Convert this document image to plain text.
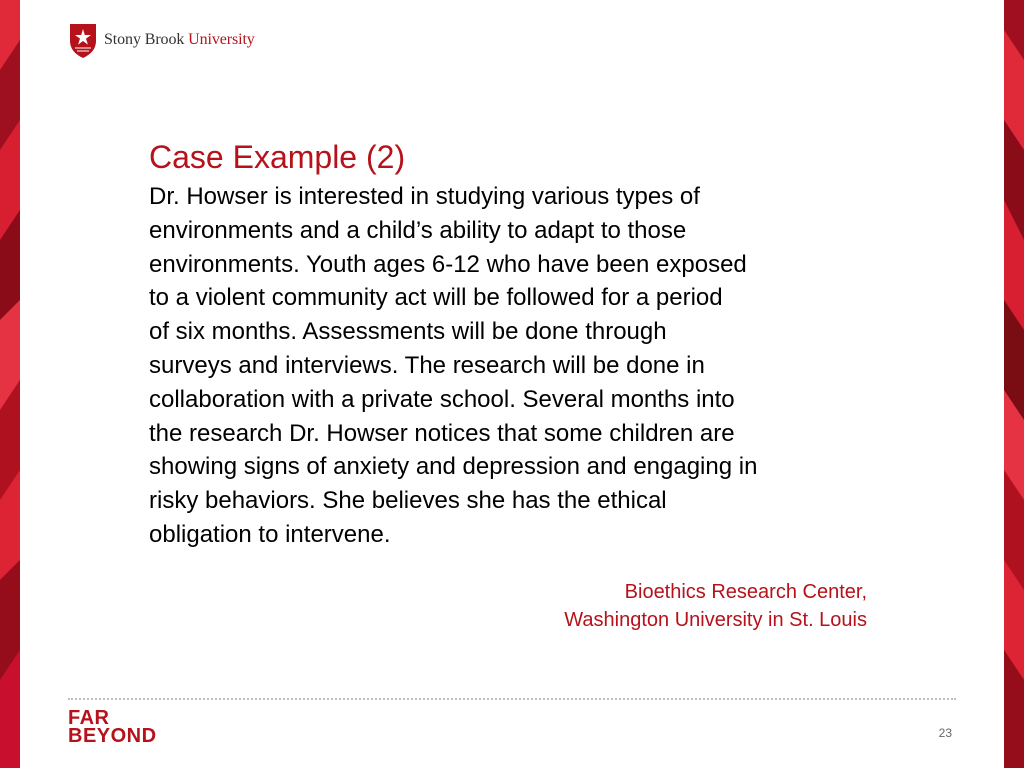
Stony Brook University
Case Example (2)
Dr. Howser is interested in studying various types of
environments and a child’s ability to adapt to those
environments. Youth ages 6-12 who have been exposed
to a violent community act will be followed for a period
of six months. Assessments will be done through
surveys and interviews. The research will be done in
collaboration with a private school. Several months into
the research Dr. Howser notices that some children are
showing signs of anxiety and depression and engaging in
risky behaviors. She believes she has the ethical
obligation to intervene.
Bioethics Research Center,
Washington University in St. Louis
FAR
BEYOND	23
